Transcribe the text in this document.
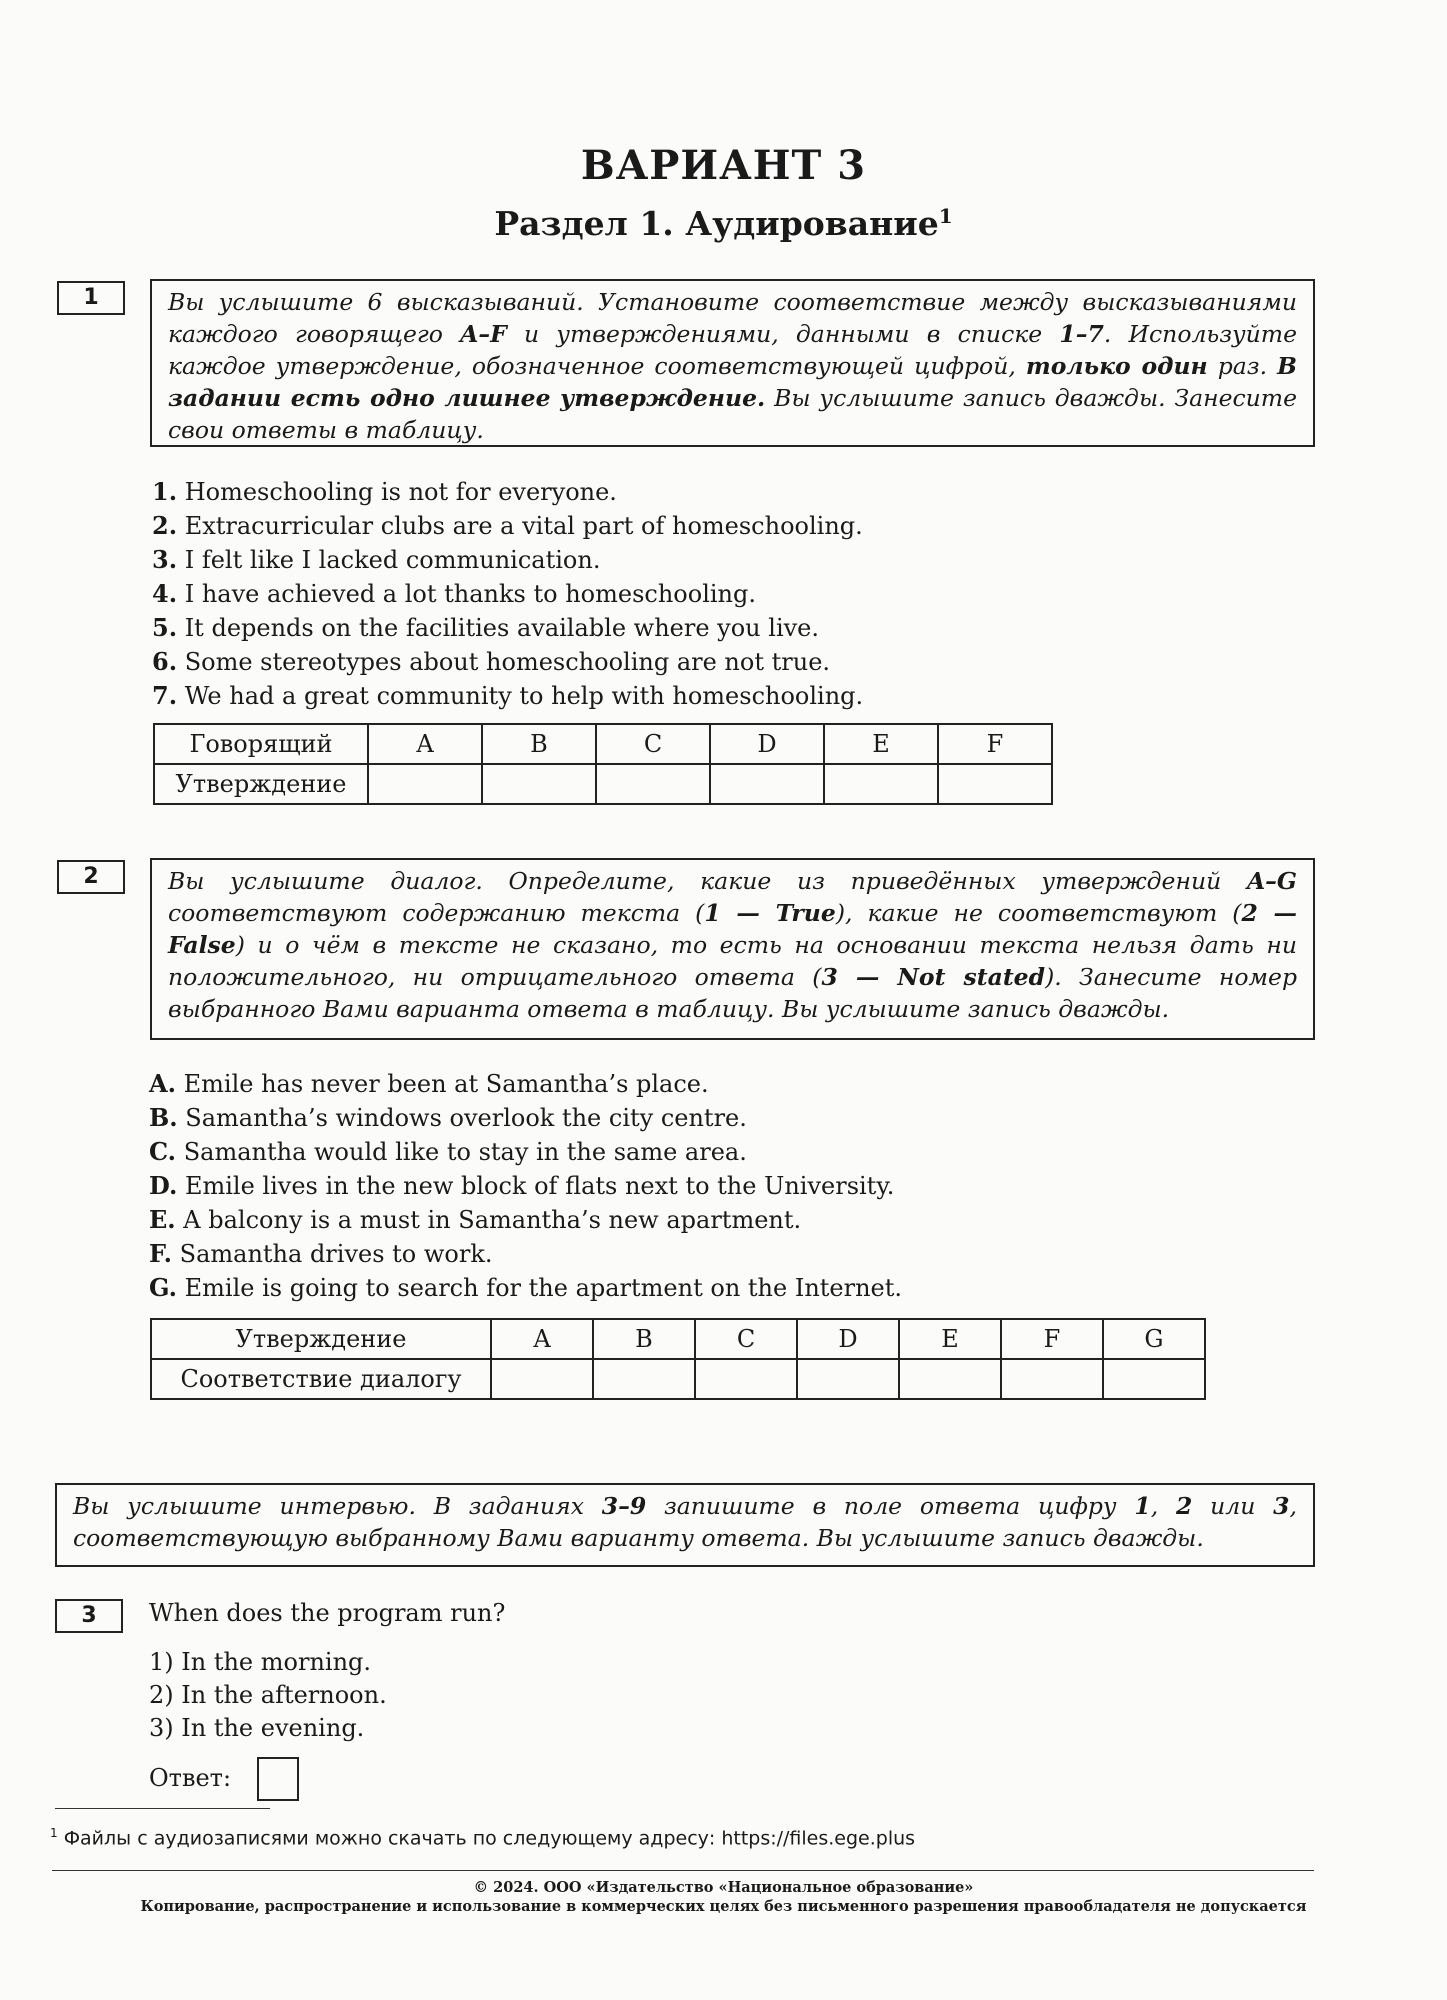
ВАРИАНТ 3
Раздел 1. Аудирование$^1$
1	Вы услышите 6 высказываний. Установите соответствие между высказываниями каждого говорящего A–F и утверждениями, данными в списке 1–7. Используйте каждое утверждение, обозначенное соответствующей цифрой, только один раз. В задании есть одно лишнее утверждение. Вы услышите запись дважды. Занесите свои ответы в таблицу.
1. Homeschooling is not for everyone.
2. Extracurricular clubs are a vital part of homeschooling.
3. I felt like I lacked communication.
4. I have achieved a lot thanks to homeschooling.
5. It depends on the facilities available where you live.
6. Some stereotypes about homeschooling are not true.
7. We had a great community to help with homeschooling.
Говорящий	A	B	C	D	E	F
Утверждение						
2	Вы услышите диалог. Определите, какие из приведённых утверждений A–G соответствуют содержанию текста (1 — True), какие не соответствуют (2 — False) и о чём в тексте не сказано, то есть на основании текста нельзя дать ни положительного, ни отрицательного ответа (3 — Not stated). Занесите номер выбранного Вами варианта ответа в таблицу. Вы услышите запись дважды.
A. Emile has never been at Samantha’s place.
B. Samantha’s windows overlook the city centre.
C. Samantha would like to stay in the same area.
D. Emile lives in the new block of flats next to the University.
E. A balcony is a must in Samantha’s new apartment.
F. Samantha drives to work.
G. Emile is going to search for the apartment on the Internet.
Утверждение	A	B	C	D	E	F	G
Соответствие диалогу							
Вы услышите интервью. В заданиях 3–9 запишите в поле ответа цифру 1, 2 или 3, соответствующую выбранному Вами варианту ответа. Вы услышите запись дважды.
3	When does the program run?
1) In the morning.
2) In the afternoon.
3) In the evening.
Ответ:
$^1$ Файлы с аудиозаписями можно скачать по следующему адресу: https://files.ege.plus
© 2024. ООО «Издательство «Национальное образование»
Копирование, распространение и использование в коммерческих целях без письменного разрешения правообладателя не допускается
